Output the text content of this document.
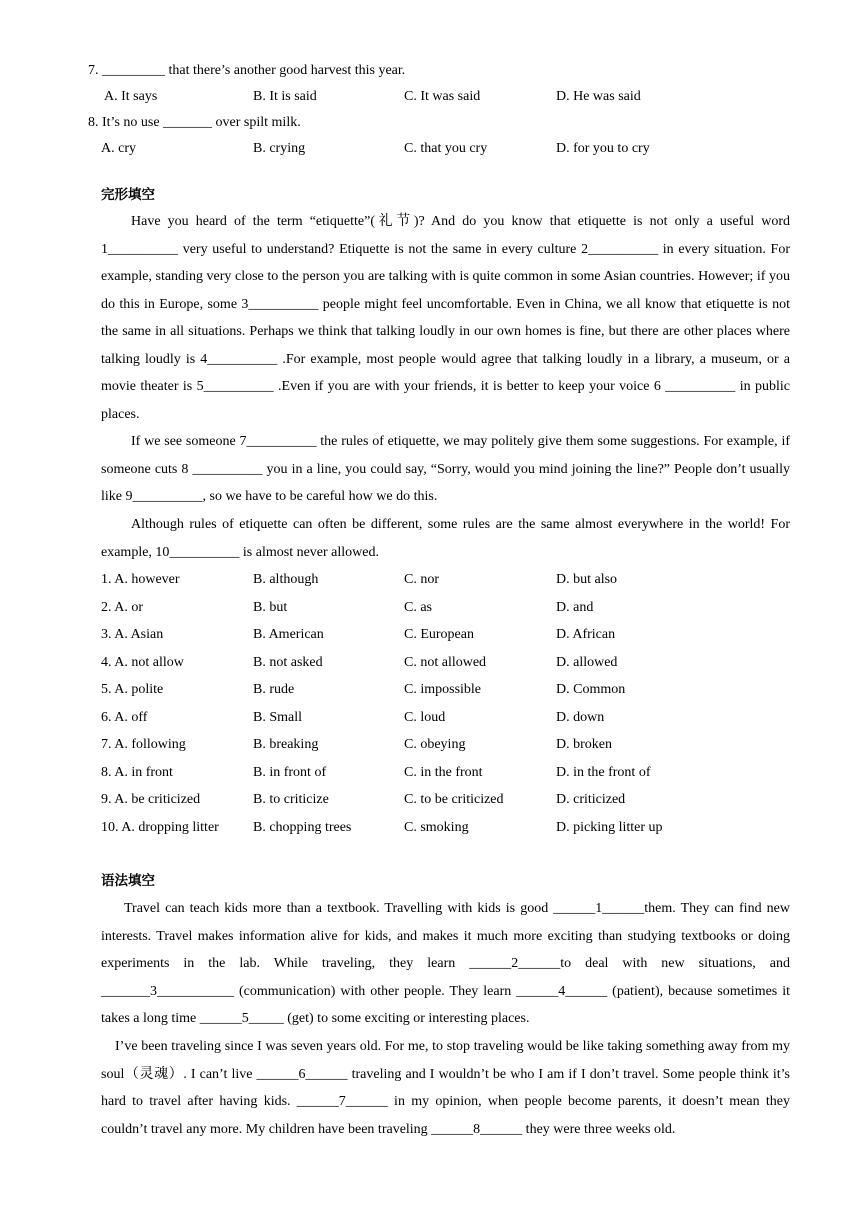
7. _________ that there’s another good harvest this year.
A. It says	B. It is said	C. It was said	D. He was said
8. It’s no use _______ over spilt milk.
A. cry	B. crying	C. that you cry	D. for you to cry
完形填空
Have you heard of the term “etiquette”(礼节)? And do you know that etiquette is not only a useful word 1__________ very useful to understand? Etiquette is not the same in every culture 2__________ in every situation. For example, standing very close to the person you are talking with is quite common in some Asian countries. However; if you do this in Europe, some 3__________ people might feel uncomfortable. Even in China, we all know that etiquette is not the same in all situations. Perhaps we think that talking loudly in our own homes is fine, but there are other places where talking loudly is 4__________ .For example, most people would agree that talking loudly in a library, a museum, or a movie theater is 5__________ .Even if you are with your friends, it is better to keep your voice 6 __________ in public places.
If we see someone 7__________ the rules of etiquette, we may politely give them some suggestions. For example, if someone cuts 8 __________ you in a line, you could say, “Sorry, would you mind joining the line?” People don’t usually like 9__________, so we have to be careful how we do this.
Although rules of etiquette can often be different, some rules are the same almost everywhere in the world! For example, 10__________ is almost never allowed.
1. A. however	B. although	C. nor	D. but also
2. A. or	B. but	C. as	D. and
3. A. Asian	B. American	C. European	D. African
4. A. not allow	B. not asked	C. not allowed	D. allowed
5. A. polite	B. rude	C. impossible	D. Common
6. A. off	B. Small	C. loud	D. down
7. A. following	B. breaking	C. obeying	D. broken
8. A. in front	B. in front of	C. in the front	D. in the front of
9. A. be criticized	B. to criticize	C. to be criticized	D. criticized
10. A. dropping litter B. chopping trees	C. smoking	D. picking litter up
语法填空
Travel can teach kids more than a textbook. Travelling with kids is good ______1______them. They can find new interests. Travel makes information alive for kids, and makes it much more exciting than studying textbooks or doing experiments in the lab. While traveling, they learn ______2______to deal with new situations, and _______3___________ (communication) with other people. They learn ______4______ (patient), because sometimes it takes a long time ______5_____ (get) to some exciting or interesting places.
I’ve been traveling since I was seven years old. For me, to stop traveling would be like taking something away from my soul（灵魂）. I can’t live ______6______ traveling and I wouldn’t be who I am if I don’t travel. Some people think it’s hard to travel after having kids. ______7______ in my opinion, when people become parents, it doesn’t mean they couldn’t travel any more. My children have been traveling ______8______ they were three weeks old.
